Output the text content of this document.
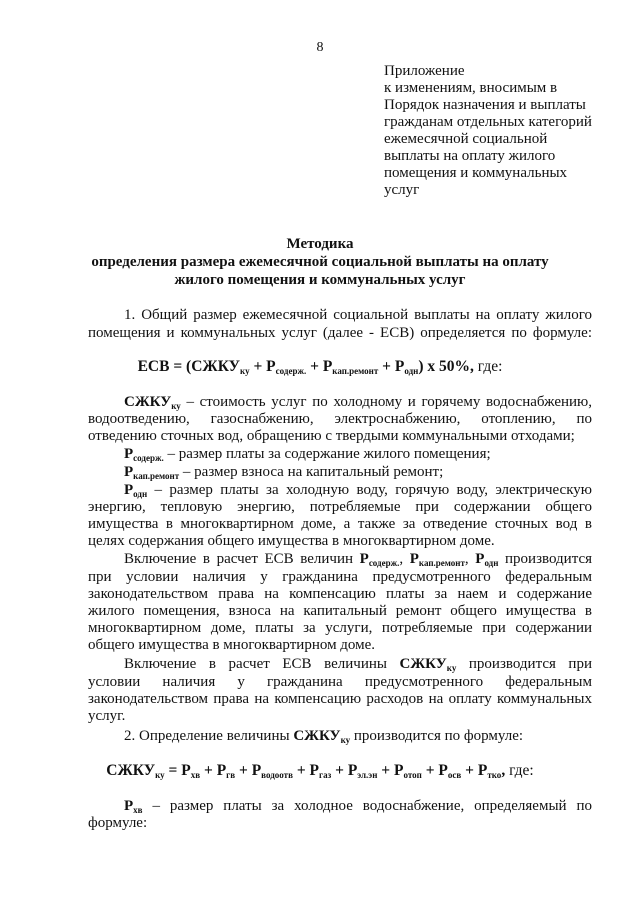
8
Приложение
к изменениям, вносимым в
Порядок назначения и выплаты
гражданам отдельных категорий
ежемесячной социальной
выплаты на оплату жилого
помещения и коммунальных
услуг
Методика
определения размера ежемесячной социальной выплаты на оплату
жилого помещения и коммунальных услуг
1. Общий размер ежемесячной социальной выплаты на оплату жилого
помещения и коммунальных услуг (далее - ЕСВ) определяется по формуле:
ЕСВ = $(СЖКУ_{ку} + Р_{содерж.} + Р_{кап.ремонт} + Р_{одн})$ х 50%, где:
$СЖКУ_{ку}$ – стоимость услуг по холодному и горячему водоснабжению,
водоотведению, газоснабжению, электроснабжению, отоплению, по
отведению сточных вод, обращению с твердыми коммунальными отходами;
$Р_{содерж.}$ – размер платы за содержание жилого помещения;
$Р_{кап.ремонт}$ – размер взноса на капитальный ремонт;
$Р_{одн}$ – размер платы за холодную воду, горячую воду, электрическую
энергию, тепловую энергию, потребляемые при содержании общего
имущества в многоквартирном доме, а также за отведение сточных вод в
целях содержания общего имущества в многоквартирном доме.
Включение в расчет ЕСВ величин $Р_{содерж.}$, $Р_{кап.ремонт}$, $Р_{одн}$ производится
при условии наличия у гражданина предусмотренного федеральным
законодательством права на компенсацию платы за наем и содержание
жилого помещения, взноса на капитальный ремонт общего имущества в
многоквартирном доме, платы за услуги, потребляемые при содержании
общего имущества в многоквартирном доме.
Включение в расчет ЕСВ величины $СЖКУ_{ку}$ производится при
условии наличия у гражданина предусмотренного федеральным
законодательством права на компенсацию расходов на оплату коммунальных
услуг.
2. Определение величины $СЖКУ_{ку}$ производится по формуле:
$СЖКУ_{ку} = Р_{хв} + Р_{гв} + Р_{водоотв} + Р_{газ} + Р_{эл.эн} + Р_{отоп} + Р_{осв} + Р_{тко}$, где:
$Р_{хв}$ – размер платы за холодное водоснабжение, определяемый по
формуле:
